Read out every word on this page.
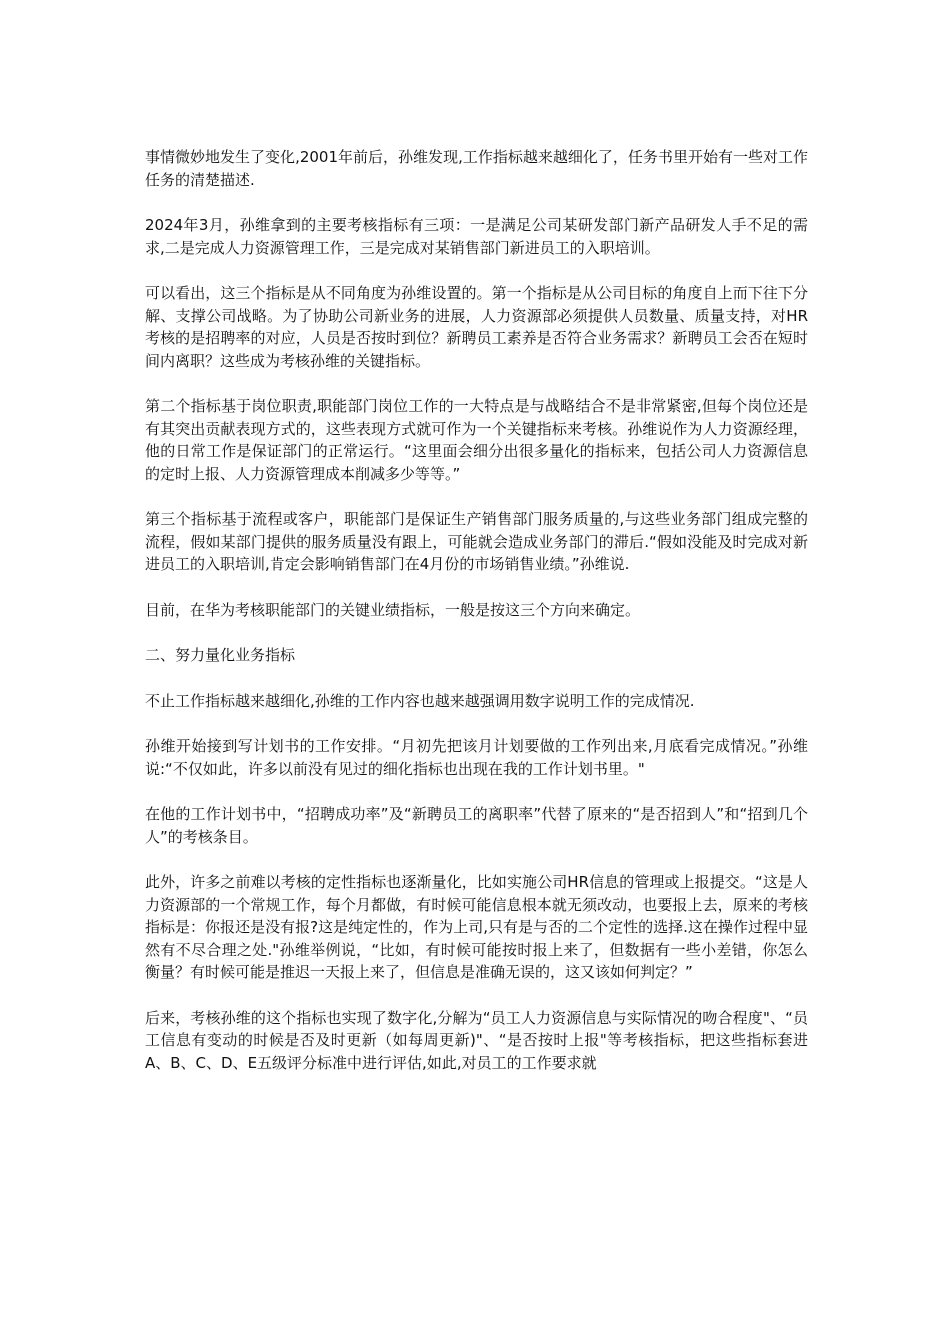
事情微妙地发生了变化,2001年前后，孙维发现,工作指标越来越细化了，任务书里开始有一些对工作任务的清楚描述.

2024年3月，孙维拿到的主要考核指标有三项：一是满足公司某研发部门新产品研发人手不足的需求,二是完成人力资源管理工作，三是完成对某销售部门新进员工的入职培训。

可以看出，这三个指标是从不同角度为孙维设置的。第一个指标是从公司目标的角度自上而下往下分解、支撑公司战略。为了协助公司新业务的进展，人力资源部必须提供人员数量、质量支持，对HR考核的是招聘率的对应，人员是否按时到位？新聘员工素养是否符合业务需求？新聘员工会否在短时间内离职？这些成为考核孙维的关键指标。

第二个指标基于岗位职责,职能部门岗位工作的一大特点是与战略结合不是非常紧密,但每个岗位还是有其突出贡献表现方式的，这些表现方式就可作为一个关键指标来考核。孙维说作为人力资源经理，他的日常工作是保证部门的正常运行。“这里面会细分出很多量化的指标来，包括公司人力资源信息的定时上报、人力资源管理成本削减多少等等。”

第三个指标基于流程或客户，职能部门是保证生产销售部门服务质量的,与这些业务部门组成完整的流程，假如某部门提供的服务质量没有跟上，可能就会造成业务部门的滞后.“假如没能及时完成对新进员工的入职培训,肯定会影响销售部门在4月份的市场销售业绩。”孙维说.

目前，在华为考核职能部门的关键业绩指标，一般是按这三个方向来确定。

二、努力量化业务指标

不止工作指标越来越细化,孙维的工作内容也越来越强调用数字说明工作的完成情况.

孙维开始接到写计划书的工作安排。“月初先把该月计划要做的工作列出来,月底看完成情况。”孙维说:“不仅如此，许多以前没有见过的细化指标也出现在我的工作计划书里。"

在他的工作计划书中，“招聘成功率”及“新聘员工的离职率”代替了原来的“是否招到人”和“招到几个人”的考核条目。

此外，许多之前难以考核的定性指标也逐渐量化，比如实施公司HR信息的管理或上报提交。“这是人力资源部的一个常规工作，每个月都做，有时候可能信息根本就无须改动，也要报上去，原来的考核指标是：你报还是没有报?这是纯定性的，作为上司,只有是与否的二个定性的选择.这在操作过程中显然有不尽合理之处."孙维举例说，“比如，有时候可能按时报上来了，但数据有一些小差错，你怎么衡量？有时候可能是推迟一天报上来了，但信息是准确无误的，这又该如何判定？”

后来，考核孙维的这个指标也实现了数字化,分解为“员工人力资源信息与实际情况的吻合程度"、“员工信息有变动的时候是否及时更新（如每周更新)"、“是否按时上报"等考核指标，把这些指标套进A、B、C、D、E五级评分标准中进行评估,如此,对员工的工作要求就
